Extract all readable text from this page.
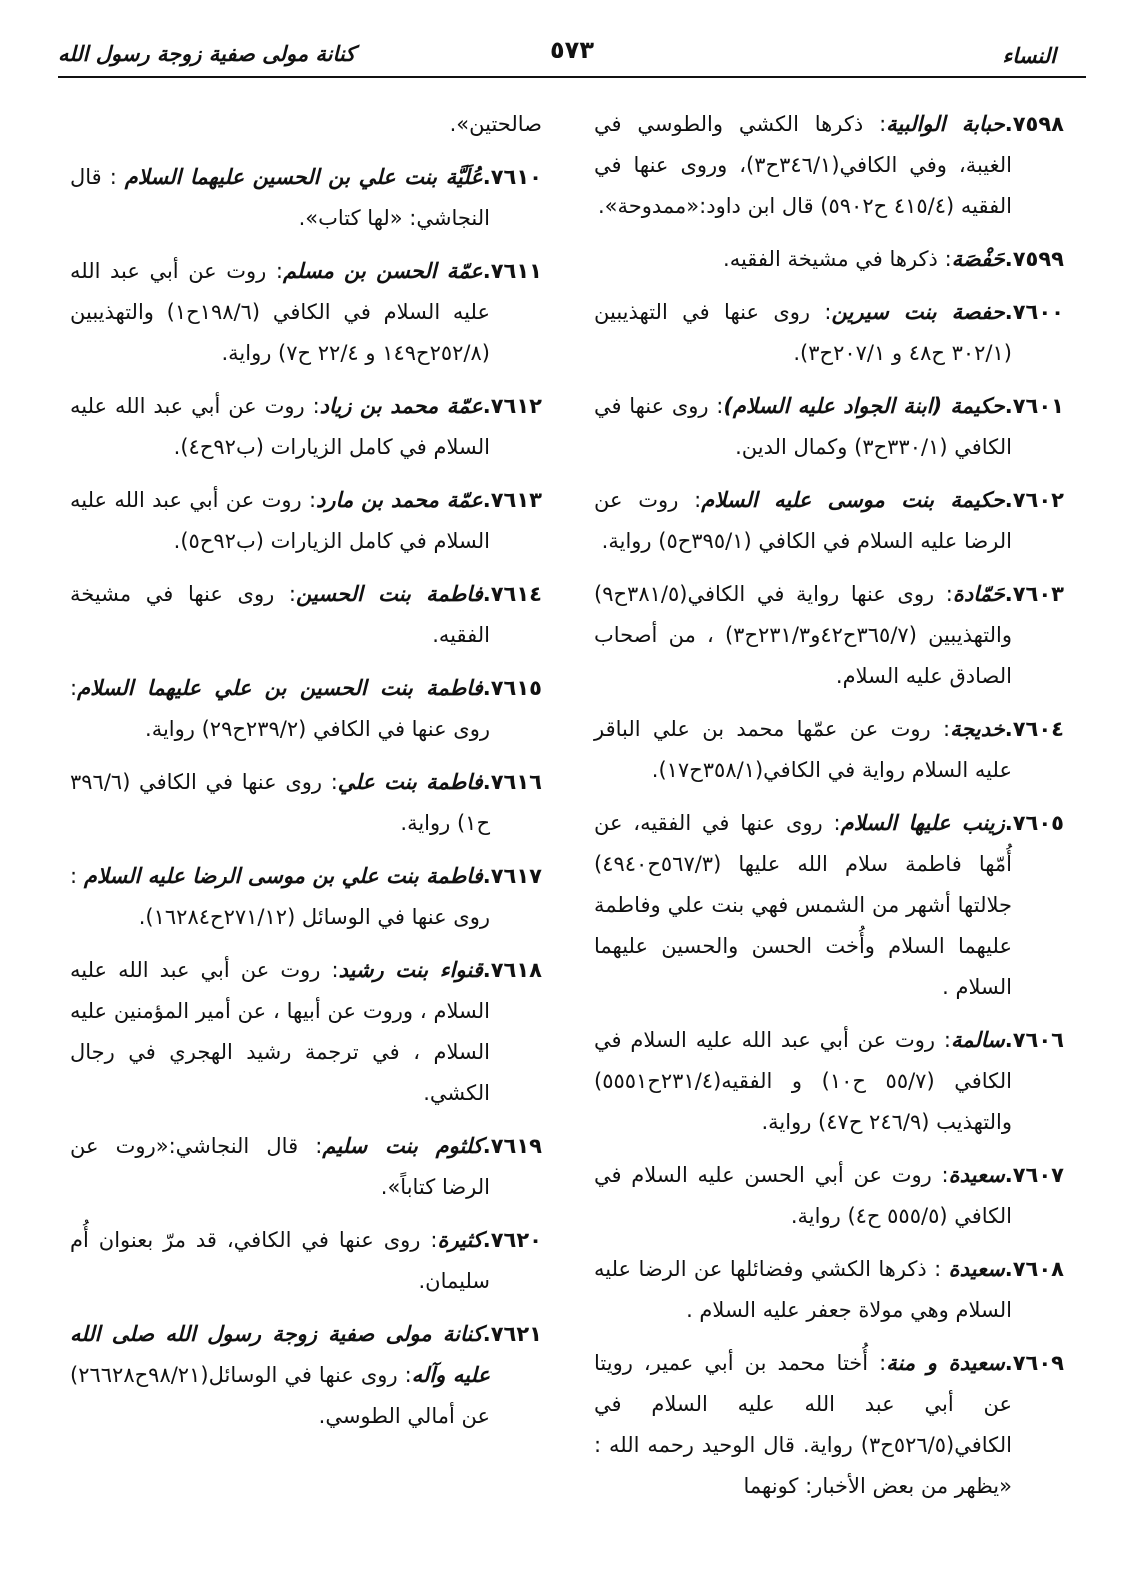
النساء
٥٧٣
كنانة مولى صفية زوجة رسول الله

٧٥٩٨.حبابة الوالبية: ذكرها الكشي والطوسي في الغيبة، وفي الكافي(٣٤٦/١ح٣)، وروى عنها في الفقيه (٤١٥/٤ ح٥٩٠٢) قال ابن داود:«ممدوحة».

٧٥٩٩.حَفْصَة: ذكرها في مشيخة الفقيه.

٧٦٠٠.حفصة بنت سيرين: روى عنها في التهذيبين (٣٠٢/١ ح٤٨ و ٢٠٧/١ح٣).

٧٦٠١.حكيمة (ابنة الجواد عليه السلام): روى عنها في الكافي (٣٣٠/١ح٣) وكمال الدين.

٧٦٠٢.حكيمة بنت موسى عليه السلام: روت عن الرضا عليه السلام في الكافي (٣٩٥/١ح٥) رواية.

٧٦٠٣.حَمّادة: روى عنها رواية في الكافي(٣٨١/٥ح٩) والتهذيبين (٣٦٥/٧ح٤٢و٢٣١/٣ح٣) ، من أصحاب الصادق عليه السلام.

٧٦٠٤.خديجة: روت عن عمّها محمد بن علي الباقر عليه السلام رواية في الكافي(٣٥٨/١ح١٧).

٧٦٠٥.زينب عليها السلام: روى عنها في الفقيه، عن أُمّها فاطمة سلام الله عليها (٥٦٧/٣ح٤٩٤٠) جلالتها أشهر من الشمس فهي بنت علي وفاطمة عليهما السلام وأُخت الحسن والحسين عليهما السلام .

٧٦٠٦.سالمة: روت عن أبي عبد الله عليه السلام في الكافي (٥٥/٧ ح١٠) و الفقيه(٢٣١/٤ح٥٥٥١) والتهذيب (٢٤٦/٩ ح٤٧) رواية.

٧٦٠٧.سعيدة: روت عن أبي الحسن عليه السلام في الكافي (٥٥٥/٥ ح٤) رواية.

٧٦٠٨.سعيدة : ذكرها الكشي وفضائلها عن الرضا عليه السلام وهي مولاة جعفر عليه السلام .

٧٦٠٩.سعيدة و منة: أُختا محمد بن أبي عمير، رويتا عن أبي عبد الله عليه السلام في الكافي(٥٢٦/٥ح٣) رواية. قال الوحيد رحمه الله : «يظهر من بعض الأخبار: كونهما

صالحتين».

٧٦١٠.عُلَيَّة بنت علي بن الحسين عليهما السلام : قال النجاشي: «لها كتاب».

٧٦١١.عمّة الحسن بن مسلم: روت عن أبي عبد الله عليه السلام في الكافي (١٩٨/٦ح١) والتهذيبين (٢٥٢/٨ح١٤٩ و ٢٢/٤ ح٧) رواية.

٧٦١٢.عمّة محمد بن زياد: روت عن أبي عبد الله عليه السلام في كامل الزيارات (ب٩٢ح٤).

٧٦١٣.عمّة محمد بن مارد: روت عن أبي عبد الله عليه السلام في كامل الزيارات (ب٩٢ح٥).

٧٦١٤.فاطمة بنت الحسين: روى عنها في مشيخة الفقيه.

٧٦١٥.فاطمة بنت الحسين بن علي عليهما السلام: روى عنها في الكافي (٢٣٩/٢ح٢٩) رواية.

٧٦١٦.فاطمة بنت علي: روى عنها في الكافي (٣٩٦/٦ ح١) رواية.

٧٦١٧.فاطمة بنت علي بن موسى الرضا عليه السلام : روى عنها في الوسائل (٢٧١/١٢ح١٦٢٨٤).

٧٦١٨.قنواء بنت رشيد: روت عن أبي عبد الله عليه السلام ، وروت عن أبيها ، عن أمير المؤمنين عليه السلام ، في ترجمة رشيد الهجري في رجال الكشي.

٧٦١٩.كلثوم بنت سليم: قال النجاشي:«روت عن الرضا كتاباً».

٧٦٢٠.كثيرة: روى عنها في الكافي، قد مرّ بعنوان أُم سليمان.

٧٦٢١.كنانة مولى صفية زوجة رسول الله صلى الله عليه وآله: روى عنها في الوسائل(٩٨/٢١ح٢٦٦٢٨) عن أمالي الطوسي.
